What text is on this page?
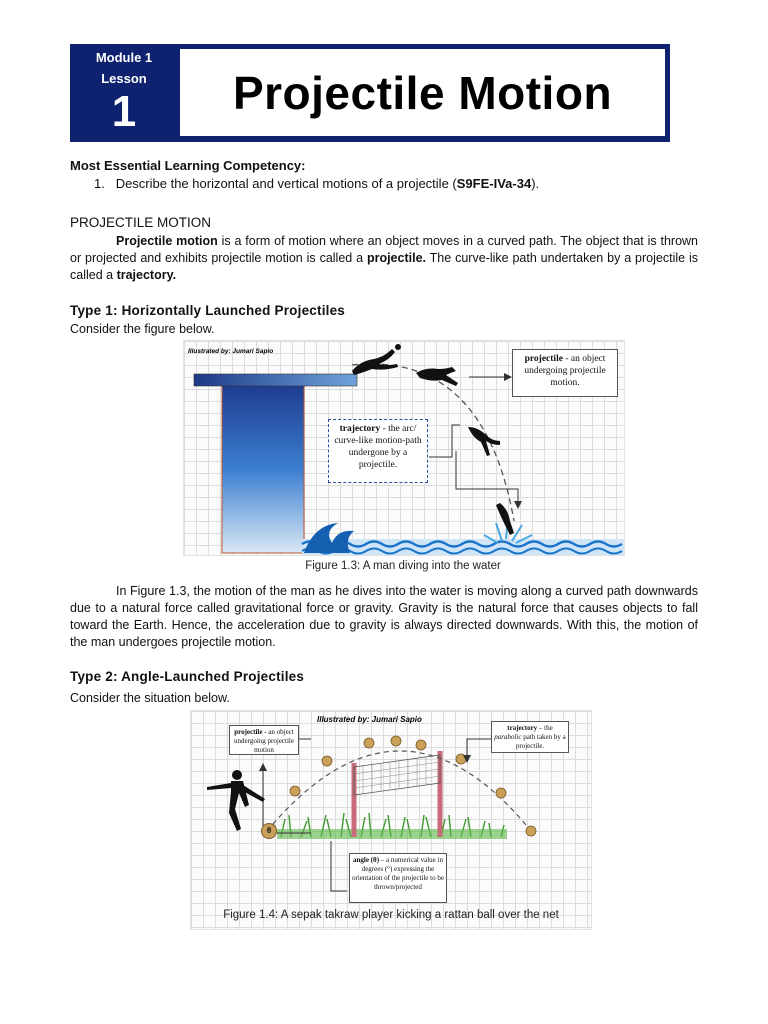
Module 1
Lesson
1	Projectile Motion
Most Essential Learning Competency:
1. Describe the horizontal and vertical motions of a projectile (S9FE-IVa-34).
PROJECTILE MOTION
Projectile motion is a form of motion where an object moves in a curved path. The object that is thrown or projected and exhibits projectile motion is called a projectile. The curve-like path undertaken by a projectile is called a trajectory.
Type 1: Horizontally Launched Projectiles
Consider the figure below.
Illustrated by: Jumari Sapio
projectile - an object undergoing projectile motion.
trajectory - the arc/ curve-like motion-path undergone by a projectile.
Figure 1.3: A man diving into the water
In Figure 1.3, the motion of the man as he dives into the water is moving along a curved path downwards due to a natural force called gravitational force or gravity. Gravity is the natural force that causes objects to fall toward the Earth. Hence, the acceleration due to gravity is always directed downwards. With this, the motion of the man undergoes projectile motion.
Type 2: Angle-Launched Projectiles
Consider the situation below.
Illustrated by: Jumari Sapio
projectile - an object undergoing projectile motion
trajectory – the parabolic path taken by a projectile.
θ
angle (θ) – a numerical value in degrees (°) expressing the orientation of the projectile to be thrown/projected
Figure 1.4: A sepak takraw player kicking a rattan ball over the net
